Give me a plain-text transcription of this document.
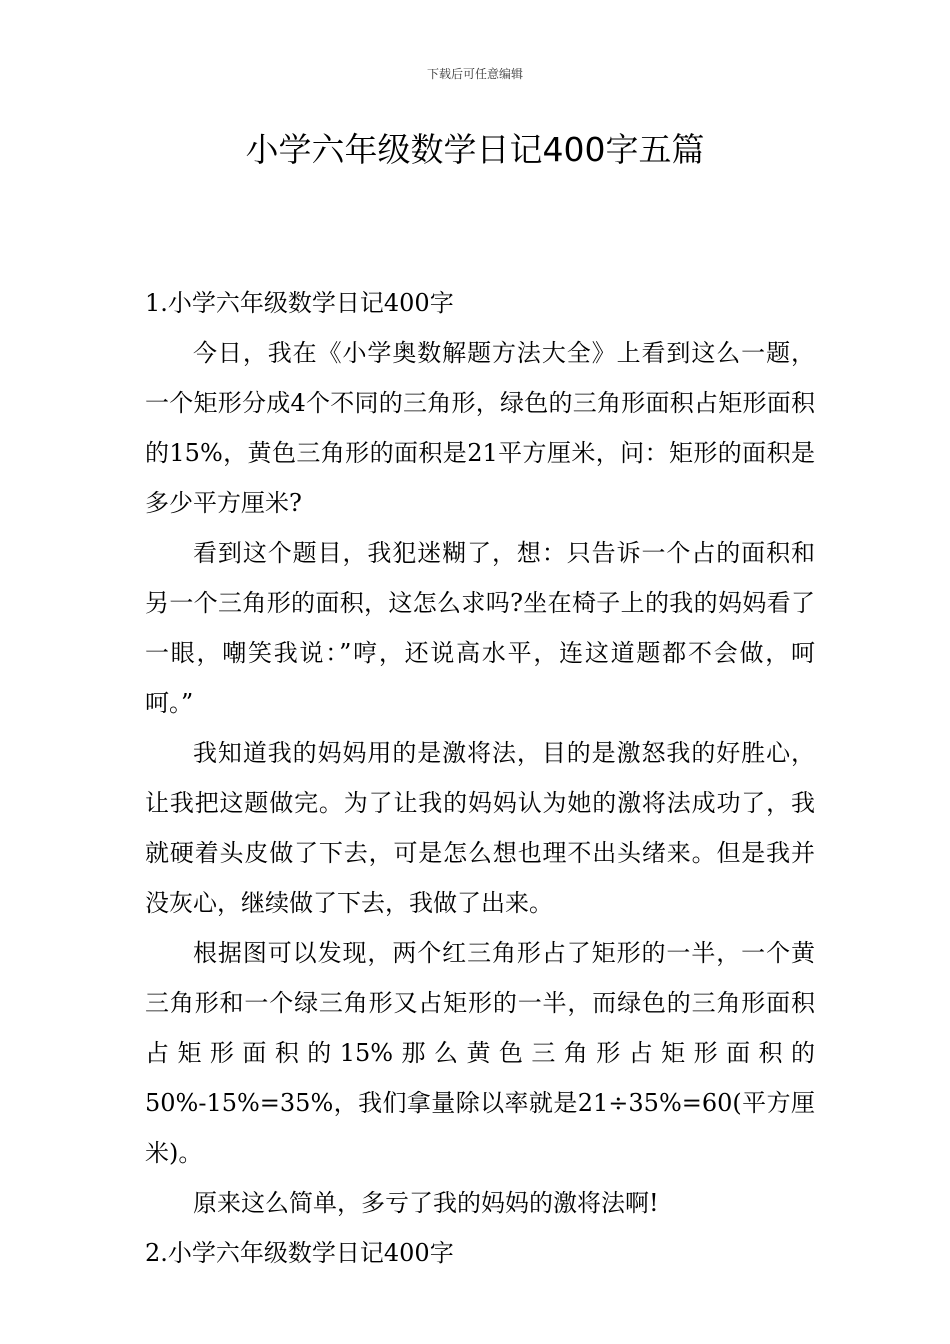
下载后可任意编辑
小学六年级数学日记400字五篇
1.小学六年级数学日记400字

今日，我在《小学奥数解题方法大全》上看到这么一题，一个矩形分成4个不同的三角形，绿色的三角形面积占矩形面积的15%，黄色三角形的面积是21平方厘米，问：矩形的面积是多少平方厘米?

看到这个题目，我犯迷糊了，想：只告诉一个占的面积和另一个三角形的面积，这怎么求吗?坐在椅子上的我的妈妈看了一眼，嘲笑我说：”哼，还说高水平，连这道题都不会做，呵呵。”

我知道我的妈妈用的是激将法，目的是激怒我的好胜心，让我把这题做完。为了让我的妈妈认为她的激将法成功了，我就硬着头皮做了下去，可是怎么想也理不出头绪来。但是我并没灰心，继续做了下去，我做了出来。

根据图可以发现，两个红三角形占了矩形的一半，一个黄三角形和一个绿三角形又占矩形的一半，而绿色的三角形面积占矩形面积的15%那么黄色三角形占矩形面积的50%-15%=35%，我们拿量除以率就是21÷35%=60(平方厘米)。

原来这么简单，多亏了我的妈妈的激将法啊!

2.小学六年级数学日记400字
